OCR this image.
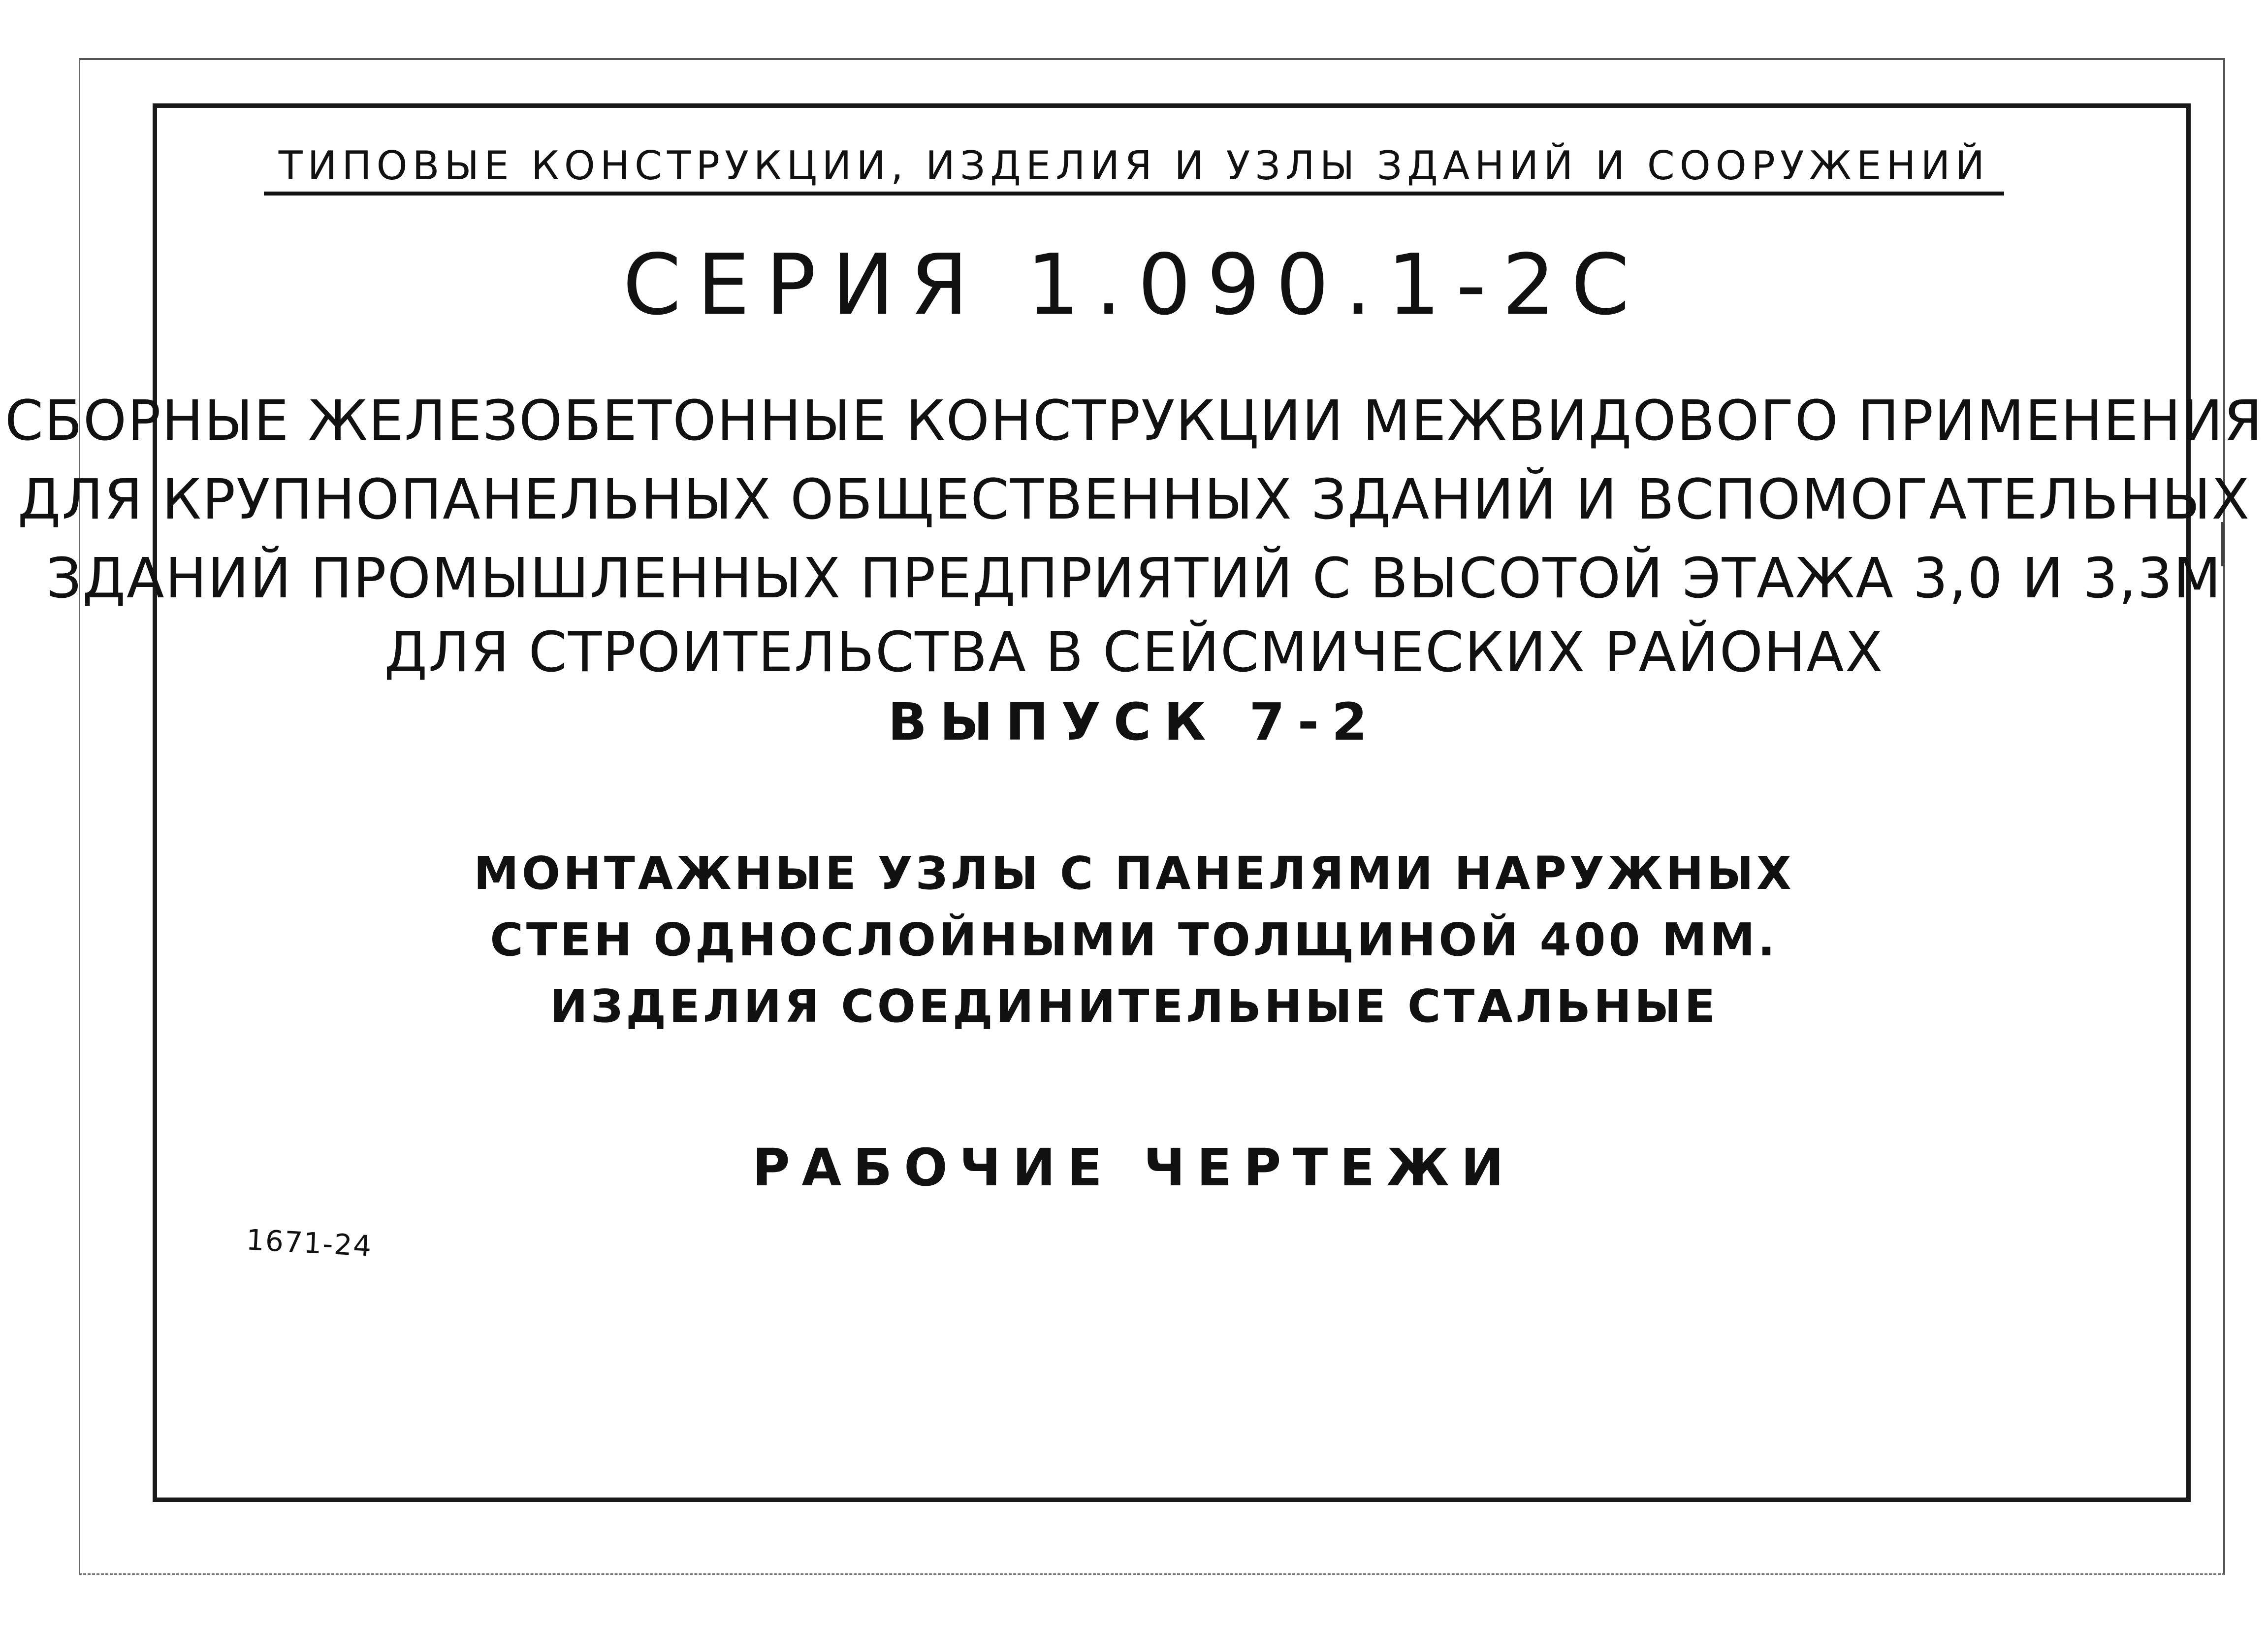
ТИПОВЫЕ КОНСТРУКЦИИ, ИЗДЕЛИЯ И УЗЛЫ ЗДАНИЙ И СООРУЖЕНИЙ
СЕРИЯ 1.090.1-2С
СБОРНЫЕ ЖЕЛЕЗОБЕТОННЫЕ КОНСТРУКЦИИ МЕЖВИДОВОГО ПРИМЕНЕНИЯ
ДЛЯ КРУПНОПАНЕЛЬНЫХ ОБЩЕСТВЕННЫХ ЗДАНИЙ И ВСПОМОГАТЕЛЬНЫХ
ЗДАНИЙ ПРОМЫШЛЕННЫХ ПРЕДПРИЯТИЙ С ВЫСОТОЙ ЭТАЖА 3,0 И 3,3М
ДЛЯ СТРОИТЕЛЬСТВА В СЕЙСМИЧЕСКИХ РАЙОНАХ
ВЫПУСК 7-2
МОНТАЖНЫЕ УЗЛЫ С ПАНЕЛЯМИ НАРУЖНЫХ
СТЕН ОДНОСЛОЙНЫМИ ТОЛЩИНОЙ 400 ММ.
ИЗДЕЛИЯ СОЕДИНИТЕЛЬНЫЕ СТАЛЬНЫЕ
РАБОЧИЕ ЧЕРТЕЖИ
1671-24
